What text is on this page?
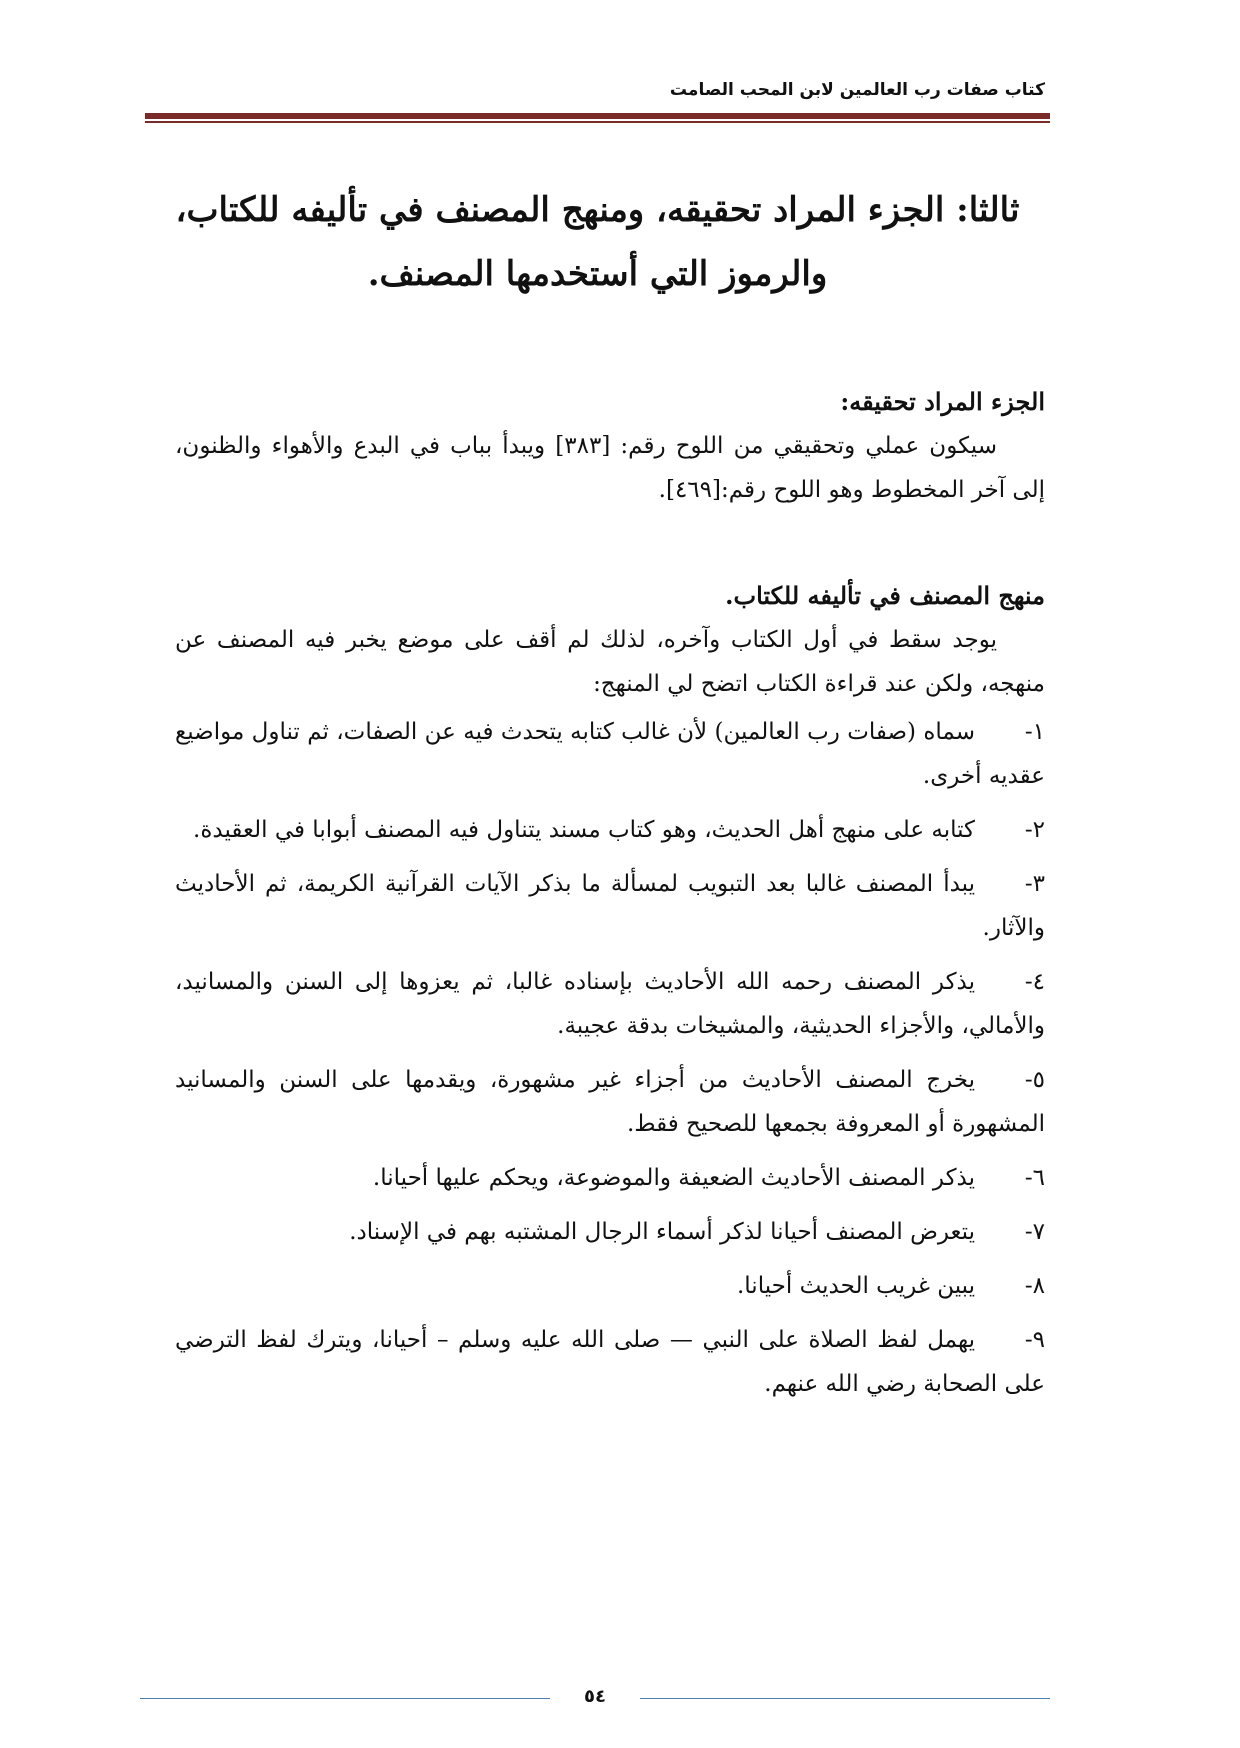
كتاب صفات رب العالمين لابن المحب الصامت
ثالثا: الجزء المراد تحقيقه، ومنهج المصنف في تأليفه للكتاب،
والرموز التي أستخدمها المصنف.

الجزء المراد تحقيقه:

سيكون عملي وتحقيقي من اللوح رقم: [٣٨٣] ويبدأ بباب في البدع والأهواء والظنون، إلى آخر المخطوط وهو اللوح رقم:[٤٦٩].

منهج المصنف في تأليفه للكتاب.

يوجد سقط في أول الكتاب وآخره، لذلك لم أقف على موضع يخبر فيه المصنف عن منهجه، ولكن عند قراءة الكتاب اتضح لي المنهج:

١-سماه (صفات رب العالمين) لأن غالب كتابه يتحدث فيه عن الصفات، ثم تناول مواضيع عقديه أخرى.
٢-كتابه على منهج أهل الحديث، وهو كتاب مسند يتناول فيه المصنف أبوابا في العقيدة.
٣-يبدأ المصنف غالبا بعد التبويب لمسألة ما بذكر الآيات القرآنية الكريمة، ثم الأحاديث والآثار.
٤-يذكر المصنف رحمه الله الأحاديث بإسناده غالبا، ثم يعزوها إلى السنن والمسانيد، والأمالي، والأجزاء الحديثية، والمشيخات بدقة عجيبة.
٥-يخرج المصنف الأحاديث من أجزاء غير مشهورة، ويقدمها على السنن والمسانيد المشهورة أو المعروفة بجمعها للصحيح فقط.
٦-يذكر المصنف الأحاديث الضعيفة والموضوعة، ويحكم عليها أحيانا.
٧-يتعرض المصنف أحيانا لذكر أسماء الرجال المشتبه بهم في الإسناد.
٨-يبين غريب الحديث أحيانا.
٩-يهمل لفظ الصلاة على النبي — صلى الله عليه وسلم – أحيانا، ويترك لفظ الترضي على الصحابة رضي الله عنهم.
٥٤
